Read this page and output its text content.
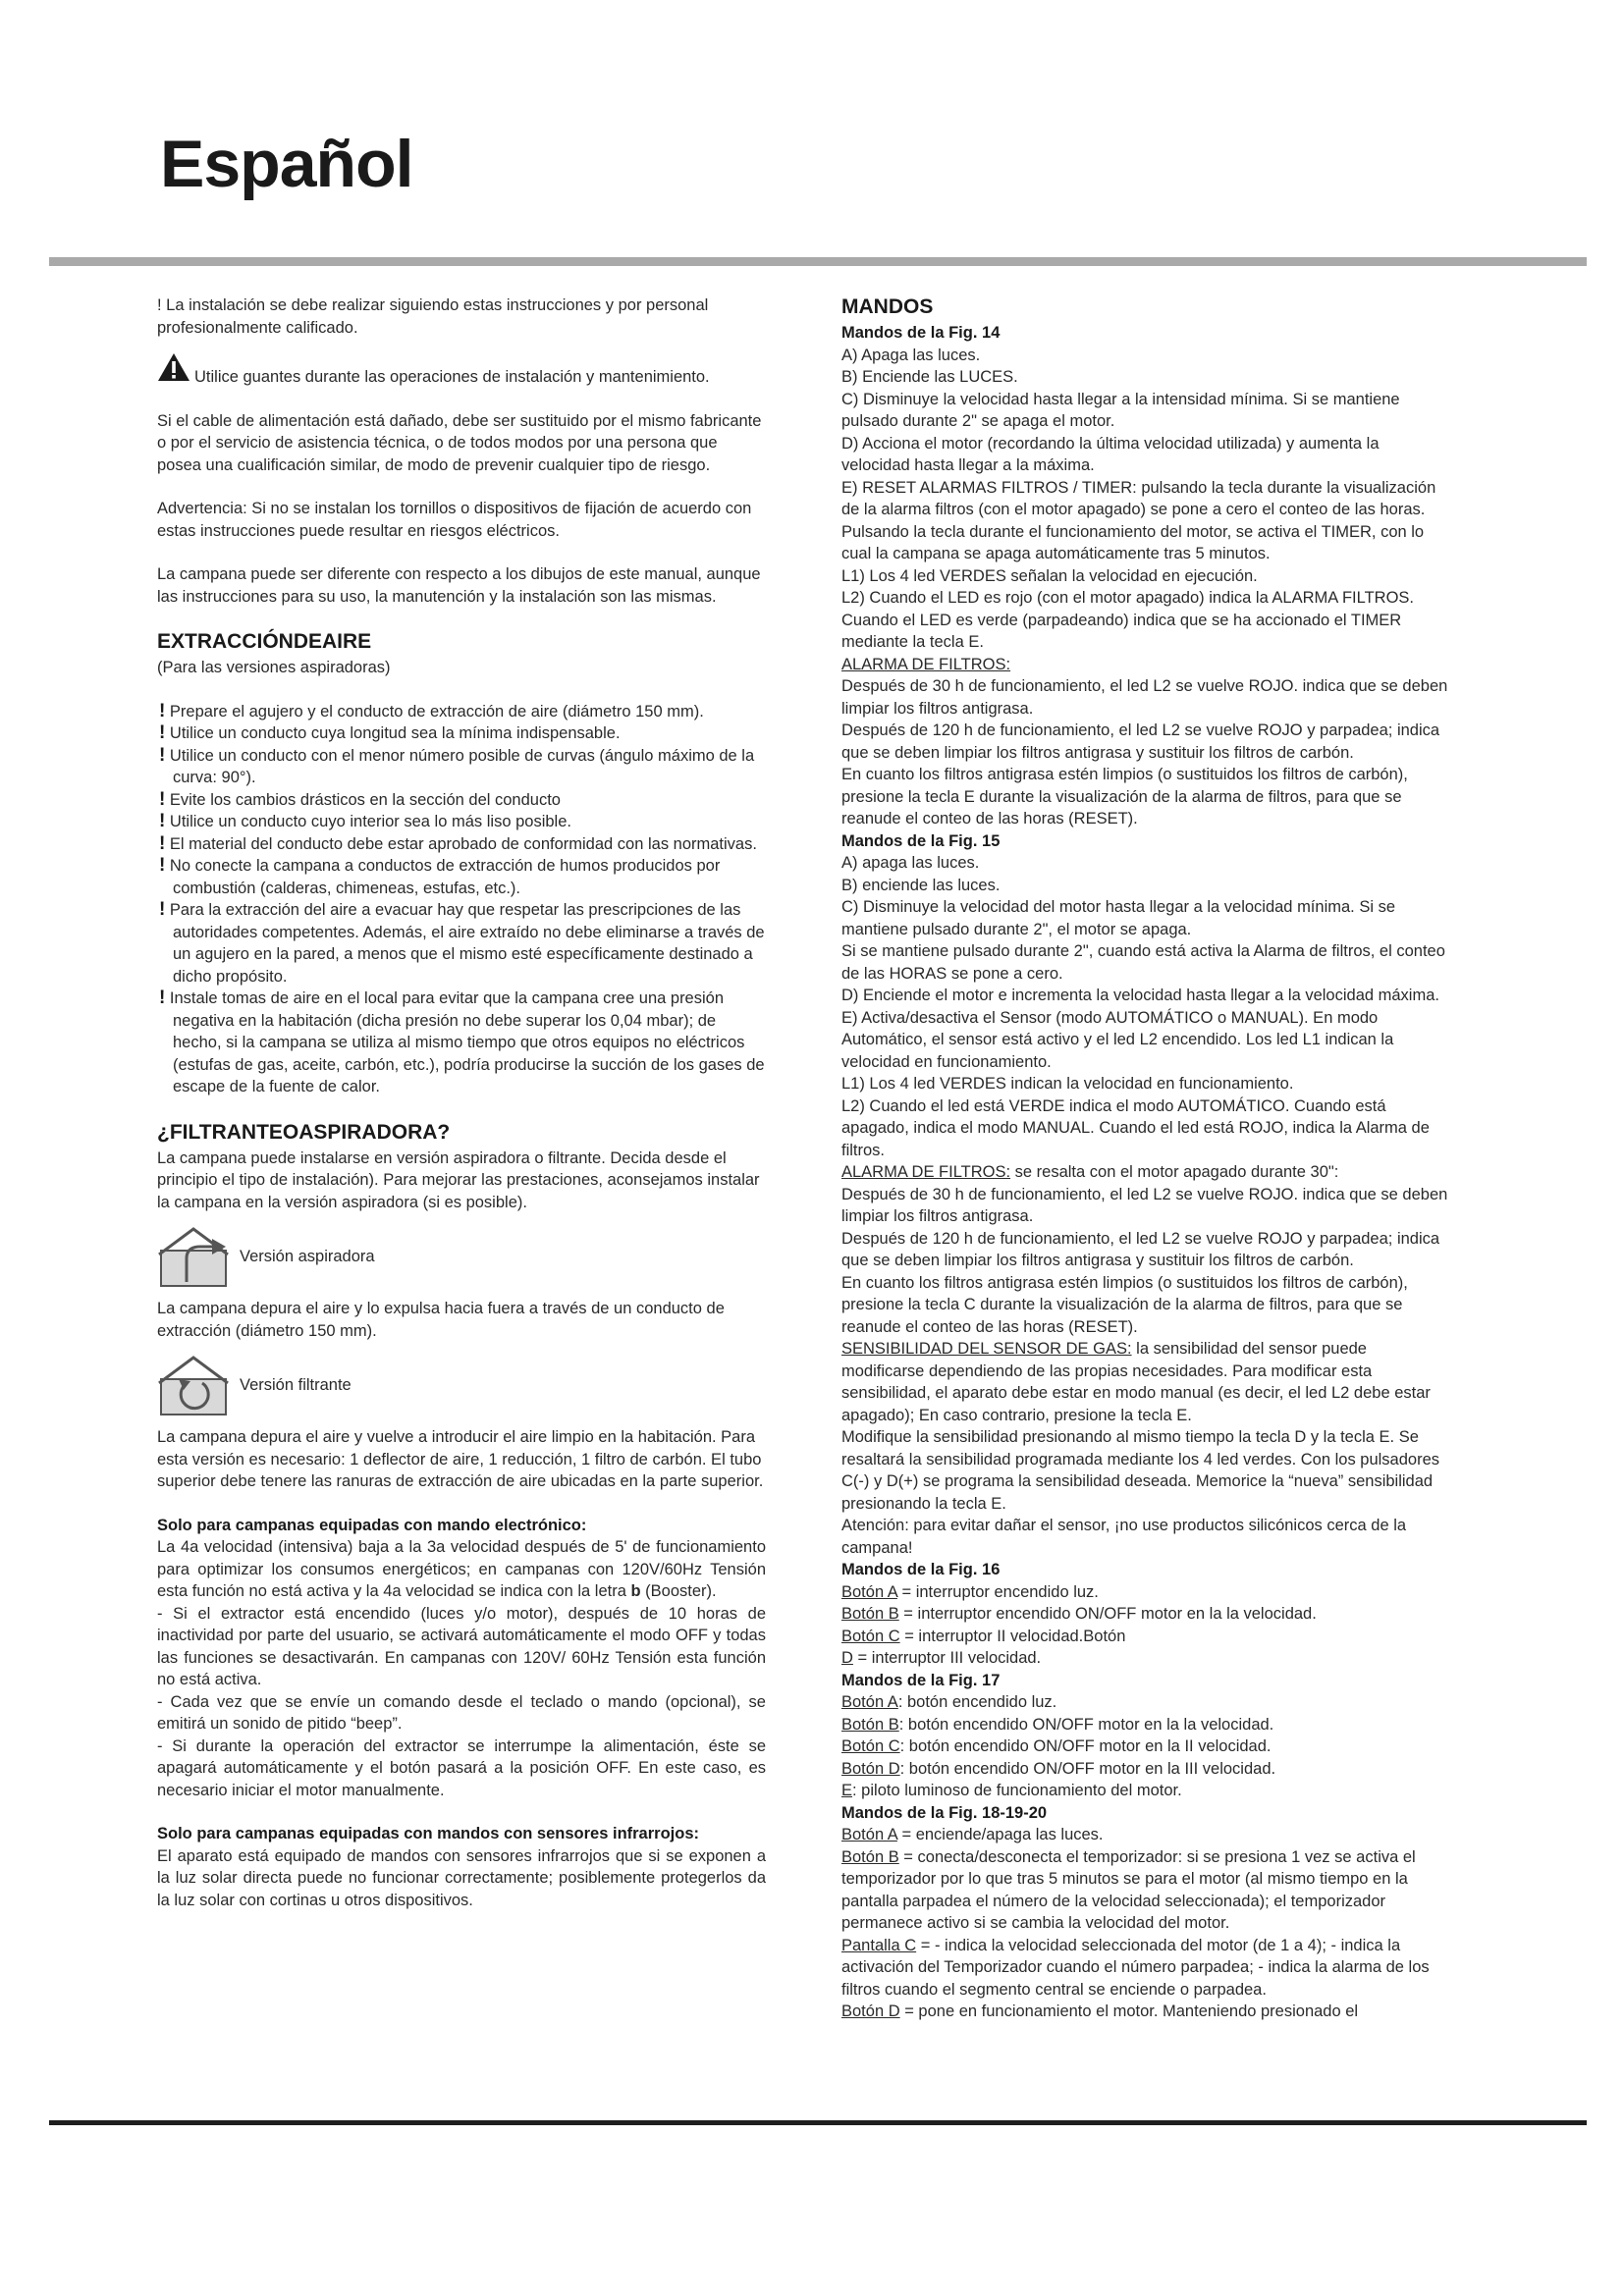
Español

! La instalación se debe realizar siguiendo estas instrucciones y por personal profesionalmente calificado.

Utilice guantes durante las operaciones de instalación y mantenimiento.

Si el cable de alimentación está dañado, debe ser sustituido por el mismo fabricante o por el servicio de asistencia técnica, o de todos modos por una persona que posea una cualificación similar, de modo de prevenir cualquier tipo de riesgo.

Advertencia: Si no se instalan los tornillos o dispositivos de fijación de acuerdo con estas instrucciones puede resultar en riesgos eléctricos.

La campana puede ser diferente con respecto a los dibujos de este manual, aunque las instrucciones para su uso, la manutención y la instalación son las mismas.

EXTRACCIÓNDEAIRE

(Para las versiones aspiradoras)

! Prepare el agujero y el conducto de extracción de aire (diámetro 150 mm).

! Utilice un conducto cuya longitud sea la mínima indispensable.

! Utilice un conducto con el menor número posible de curvas (ángulo máximo de la curva: 90°).

! Evite los cambios drásticos en la sección del conducto

! Utilice un conducto cuyo interior sea lo más liso posible.

! El material del conducto debe estar aprobado de conformidad con las normativas.

! No conecte la campana a conductos de extracción de humos producidos por combustión (calderas, chimeneas, estufas, etc.).

! Para la extracción del aire a evacuar hay que respetar las prescripciones de las autoridades competentes. Además, el aire extraído no debe eliminarse a través de un agujero en la pared, a menos que el mismo esté específicamente destinado a dicho propósito.

! Instale tomas de aire en el local para evitar que la campana cree una presión negativa en la habitación (dicha presión no debe superar los 0,04 mbar); de hecho, si la campana se utiliza al mismo tiempo que otros equipos no eléctricos (estufas de gas, aceite, carbón, etc.), podría producirse la succión de los gases de escape de la fuente de calor.

¿FILTRANTEOASPIRADORA?

La campana puede instalarse en versión aspiradora o filtrante. Decida desde el principio el tipo de instalación). Para mejorar las prestaciones, aconsejamos instalar la campana en la versión aspiradora (si es posible).

Versión aspiradora

La campana depura el aire y lo expulsa hacia fuera a través de un conducto de extracción (diámetro 150 mm).

Versión filtrante

La campana depura el aire y vuelve a introducir el aire limpio en la habitación. Para esta versión es necesario: 1 deflector de aire, 1 reducción, 1 filtro de carbón. El tubo superior debe tenere las ranuras de extracción de aire ubicadas en la parte superior.

Solo para campanas equipadas con mando electrónico:

La 4a velocidad (intensiva) baja a la 3a velocidad después de 5' de funcionamiento para optimizar los consumos energéticos; en campanas con 120V/60Hz Tensión esta función no está activa y la 4a velocidad se indica con la letra b (Booster).

- Si el extractor está encendido (luces y/o motor), después de 10 horas de inactividad por parte del usuario, se activará automáticamente el modo OFF y todas las funciones se desactivarán. En campanas con 120V/ 60Hz Tensión esta función no está activa.

- Cada vez que se envíe un comando desde el teclado o mando (opcional), se emitirá un sonido de pitido “beep”.

- Si durante la operación del extractor se interrumpe la alimentación, éste se apagará automáticamente y el botón pasará a la posición OFF. En este caso, es necesario iniciar el motor manualmente.

Solo para campanas equipadas con mandos con sensores infrarrojos:

El aparato está equipado de mandos con sensores infrarrojos que si se exponen a la luz solar directa puede no funcionar correctamente; posiblemente protegerlos da la luz solar con cortinas u otros dispositivos.

MANDOS

Mandos de la Fig. 14

A) Apaga las luces.

B) Enciende las LUCES.

C) Disminuye la velocidad hasta llegar a la intensidad mínima. Si se mantiene pulsado durante 2" se apaga el motor.

D) Acciona el motor (recordando la última velocidad utilizada) y aumenta la velocidad hasta llegar a la máxima.

E) RESET ALARMAS FILTROS / TIMER: pulsando la tecla durante la visualización de la alarma filtros (con el motor apagado) se pone a cero el conteo de las horas. Pulsando la tecla durante el funcionamiento del motor, se activa el TIMER, con lo cual la campana se apaga automáticamente tras 5 minutos.

L1) Los 4 led VERDES señalan la velocidad en ejecución.

L2) Cuando el LED es rojo (con el motor apagado) indica la ALARMA FILTROS. Cuando el LED es verde (parpadeando) indica que se ha accionado el TIMER mediante la tecla E.

ALARMA DE FILTROS:

Después de 30 h de funcionamiento, el led L2 se vuelve ROJO. indica que se deben limpiar los filtros antigrasa.

Después de 120 h de funcionamiento, el led L2 se vuelve ROJO y parpadea; indica que se deben limpiar los filtros antigrasa y sustituir los filtros de carbón.

En cuanto los filtros antigrasa estén limpios (o sustituidos los filtros de carbón), presione la tecla E durante la visualización de la alarma de filtros, para que se reanude el conteo de las horas (RESET).

Mandos de la Fig. 15

A) apaga las luces.

B) enciende las luces.

C) Disminuye la velocidad del motor hasta llegar a la velocidad mínima. Si se mantiene pulsado durante 2", el motor se apaga.

Si se mantiene pulsado durante 2", cuando está activa la Alarma de filtros, el conteo de las HORAS se pone a cero.

D) Enciende el motor e incrementa la velocidad hasta llegar a la velocidad máxima.

E) Activa/desactiva el Sensor (modo AUTOMÁTICO o MANUAL). En modo Automático, el sensor está activo y el led L2 encendido. Los led L1 indican la velocidad en funcionamiento.

L1) Los 4 led VERDES indican la velocidad en funcionamiento.

L2) Cuando el led está VERDE indica el modo AUTOMÁTICO. Cuando está apagado, indica el modo MANUAL. Cuando el led está ROJO, indica la Alarma de filtros.

ALARMA DE FILTROS: se resalta con el motor apagado durante 30":

Después de 30 h de funcionamiento, el led L2 se vuelve ROJO. indica que se deben limpiar los filtros antigrasa.

Después de 120 h de funcionamiento, el led L2 se vuelve ROJO y parpadea; indica que se deben limpiar los filtros antigrasa y sustituir los filtros de carbón.

En cuanto los filtros antigrasa estén limpios (o sustituidos los filtros de carbón), presione la tecla C durante la visualización de la alarma de filtros, para que se reanude el conteo de las horas (RESET).

SENSIBILIDAD DEL SENSOR DE GAS: la sensibilidad del sensor puede modificarse dependiendo de las propias necesidades. Para modificar esta sensibilidad, el aparato debe estar en modo manual (es decir, el led L2 debe estar apagado); En caso contrario, presione la tecla E.

Modifique la sensibilidad presionando al mismo tiempo la tecla D y la tecla E. Se resaltará la sensibilidad programada mediante los 4 led verdes. Con los pulsadores C(-) y D(+) se programa la sensibilidad deseada. Memorice la “nueva” sensibilidad presionando la tecla E.

Atención: para evitar dañar el sensor, ¡no use productos silicónicos cerca de la campana!

Mandos de la Fig. 16

Botón A = interruptor encendido luz.

Botón B = interruptor encendido ON/OFF motor en la la velocidad.

Botón C = interruptor II velocidad.Botón

D = interruptor III velocidad.

Mandos de la Fig. 17

Botón A: botón encendido luz.

Botón B: botón encendido ON/OFF motor en la la velocidad.

Botón C: botón encendido ON/OFF motor en la II velocidad.

Botón D: botón encendido ON/OFF motor en la III velocidad.

E: piloto luminoso de funcionamiento del motor.

Mandos de la Fig. 18-19-20

Botón A = enciende/apaga las luces.

Botón B = conecta/desconecta el temporizador: si se presiona 1 vez se activa el temporizador por lo que tras 5 minutos se para el motor (al mismo tiempo en la pantalla parpadea el número de la velocidad seleccionada); el temporizador permanece activo si se cambia la velocidad del motor.

Pantalla C = - indica la velocidad seleccionada del motor (de 1 a 4); - indica la activación del Temporizador cuando el número parpadea; - indica la alarma de los filtros cuando el segmento central se enciende o parpadea.

Botón D = pone en funcionamiento el motor. Manteniendo presionado el
